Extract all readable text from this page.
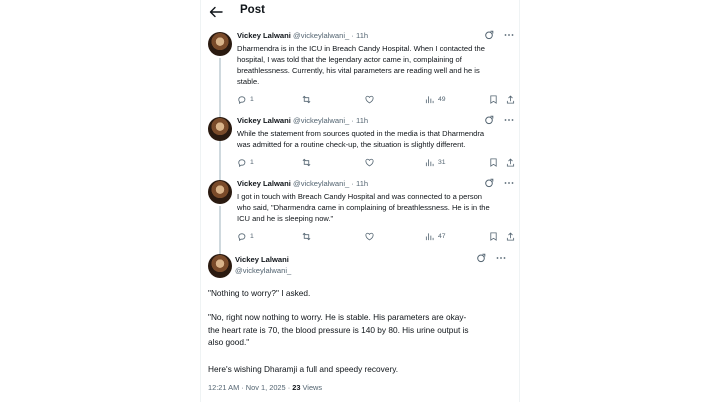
Post
Vickey Lalwani @vickeylalwani_ · 11h
Dharmendra is in the ICU in Breach Candy Hospital. When I contacted the
hospital, I was told that the legendary actor came in, complaining of
breathlessness. Currently, his vital parameters are reading well and he is
stable.
1	49
Vickey Lalwani @vickeylalwani_ · 11h
While the statement from sources quoted in the media is that Dharmendra
was admitted for a routine check-up, the situation is slightly different.
1	31
Vickey Lalwani @vickeylalwani_ · 11h
I got in touch with Breach Candy Hospital and was connected to a person
who said, "Dharmendra came in complaining of breathlessness. He is in the
ICU and he is sleeping now."
1	47
Vickey Lalwani
@vickeylalwani_
"Nothing to worry?" I asked.
"No, right now nothing to worry. He is stable. His parameters are okay-
the heart rate is 70, the blood pressure is 140 by 80. His urine output is
also good."
Here's wishing Dharamji a full and speedy recovery.
12:21 AM · Nov 1, 2025 · 23 Views
